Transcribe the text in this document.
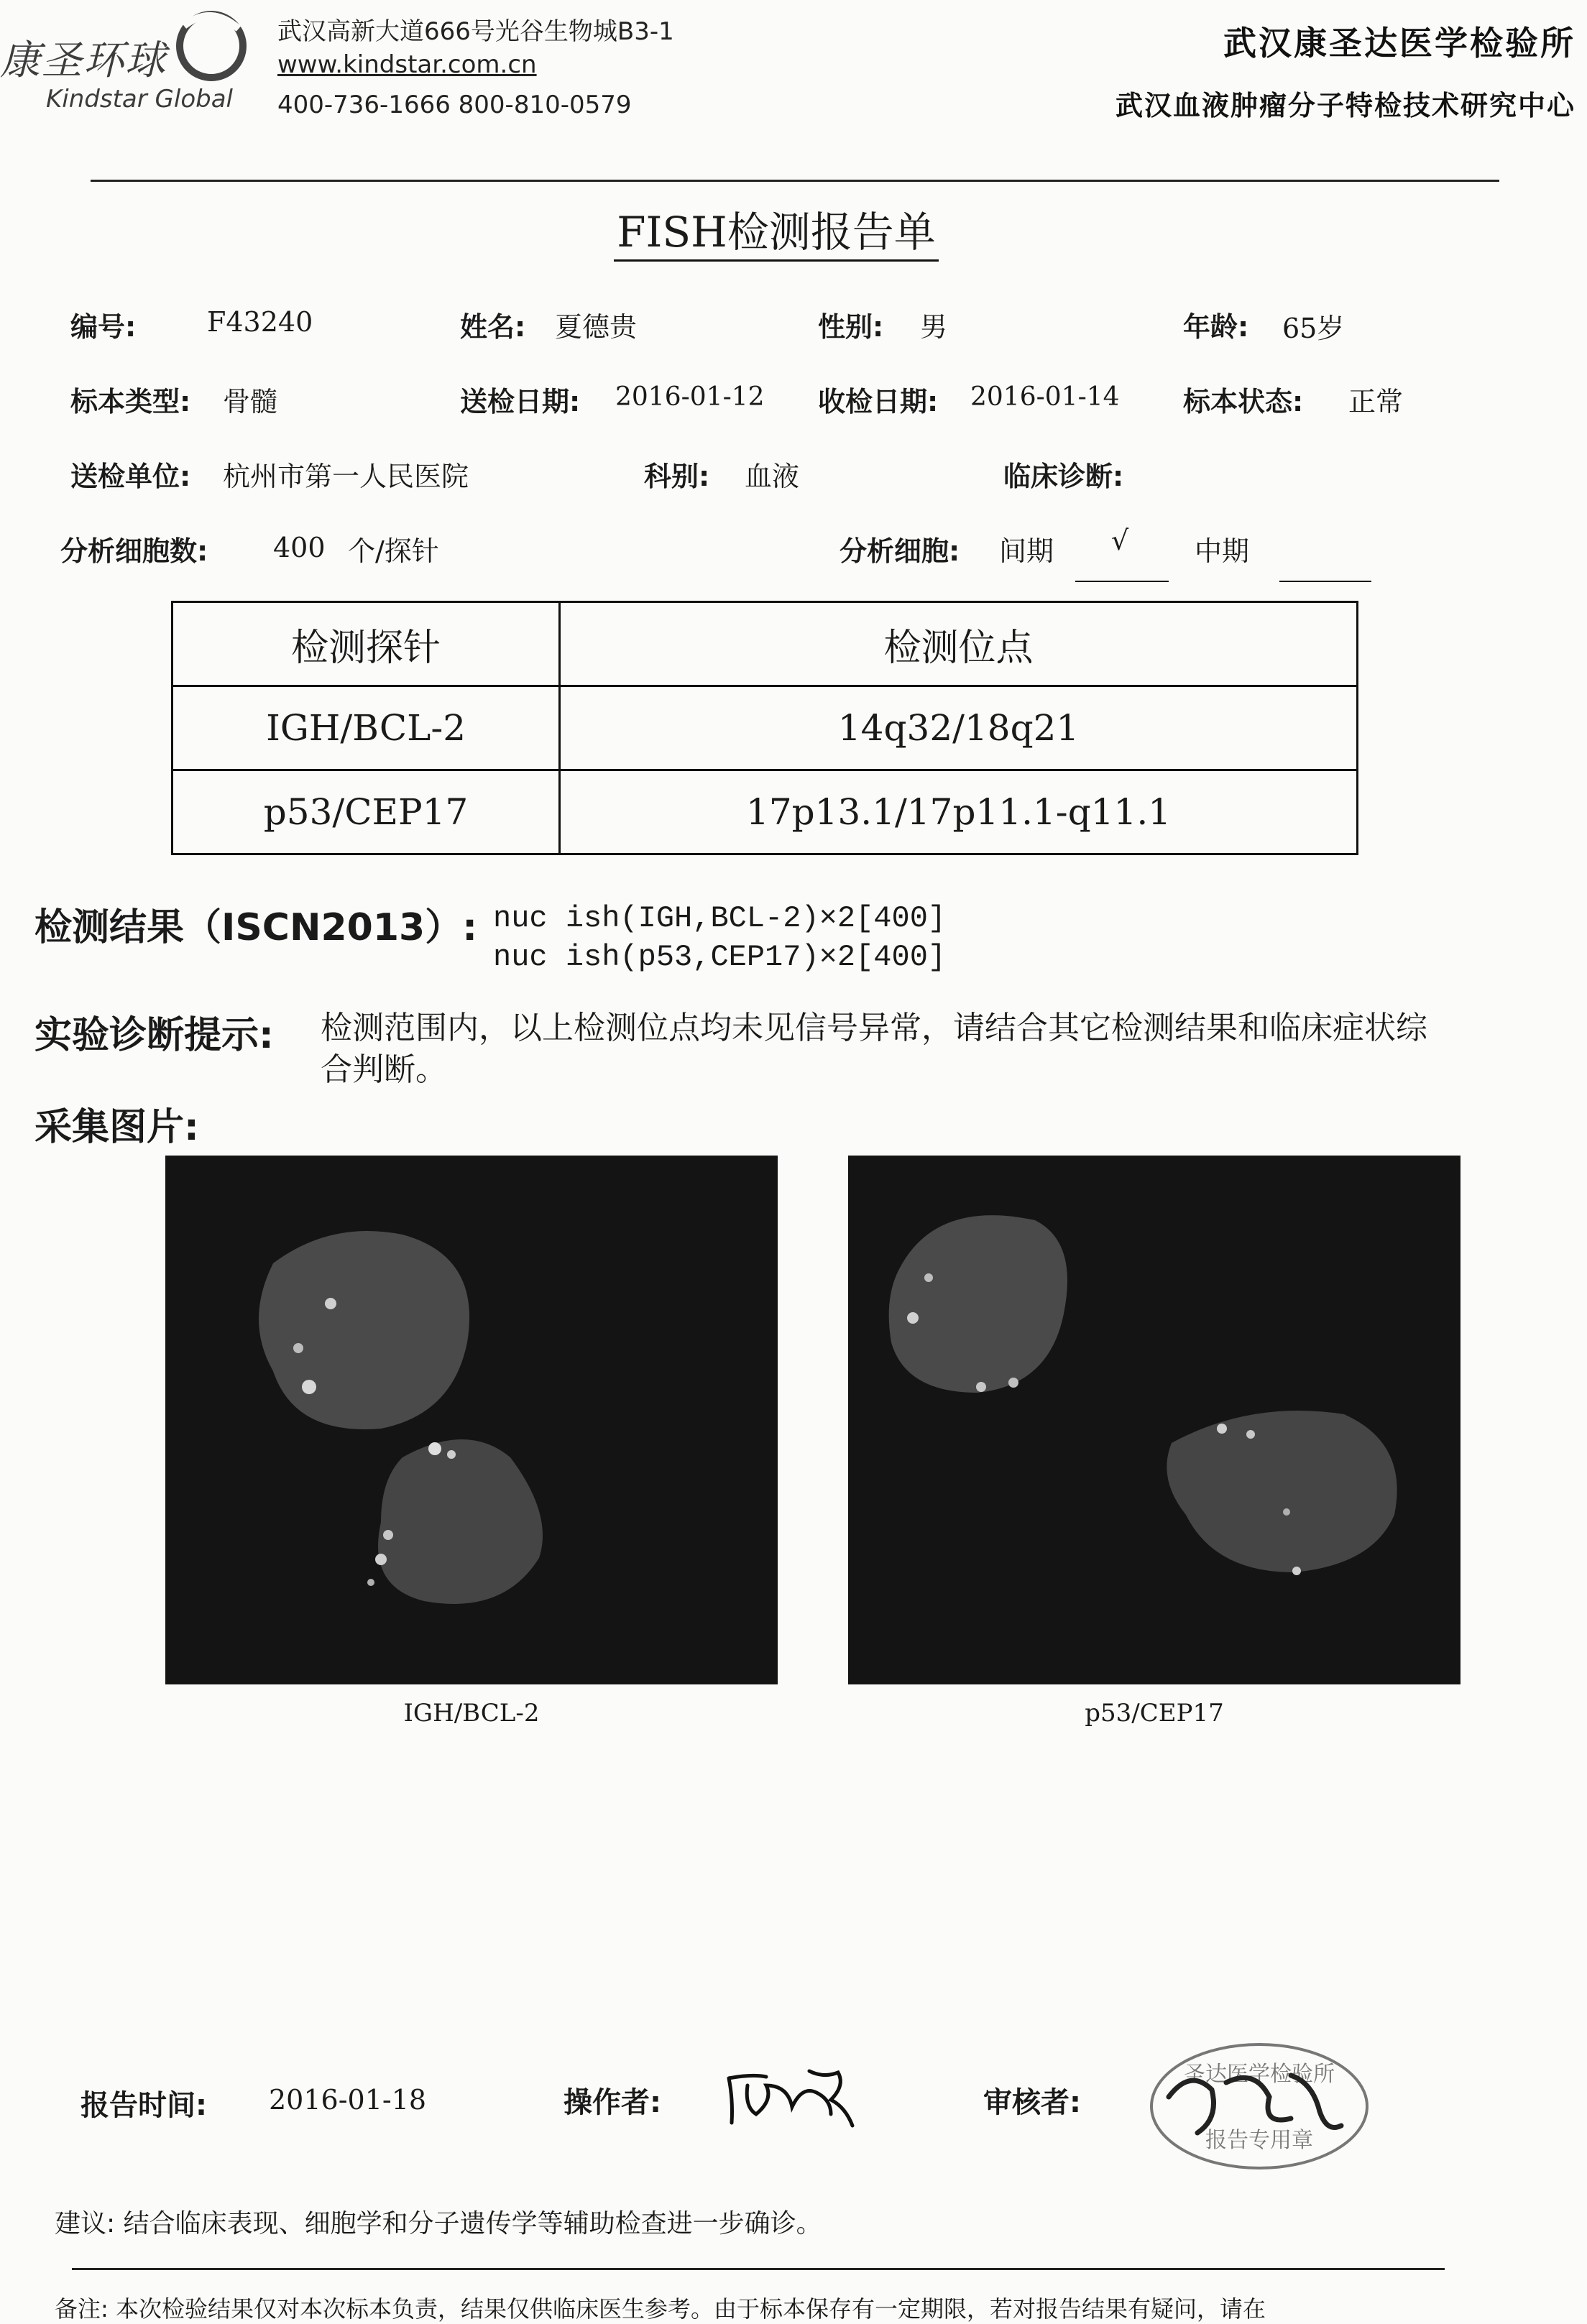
康圣环球
Kindstar Global
武汉高新大道666号光谷生物城B3-1
www.kindstar.com.cn
400-736-1666 800-810-0579
武汉康圣达医学检验所
武汉血液肿瘤分子特检技术研究中心
FISH检测报告单
编号:	F43240	姓名: 夏德贵	性别: 男	年龄: 65岁
标本类型: 骨髓	送检日期: 2016-01-12 收检日期: 2016-01-14 标本状态: 正常
送检单位: 杭州市第一人民医院	科别: 血液	临床诊断:
分析细胞数: 400 个/探针	分析细胞: 间期 √ 中期
检测探针	检测位点
IGH/BCL-2	14q32/18q21
p53/CEP17	17p13.1/17p11.1-q11.1
检测结果（ISCN2013）: nuc ish(IGH,BCL-2)×2[400]
nuc ish(p53,CEP17)×2[400]
实验诊断提示: 检测范围内，以上检测位点均未见信号异常，请结合其它检测结果和临床症状综
合判断。
采集图片:
IGH/BCL-2	p53/CEP17
报告时间: 2016-01-18	操作者:	审核者:
圣达医学检验所
报告专用章
建议: 结合临床表现、细胞学和分子遗传学等辅助检查进一步确诊。
备注: 本次检验结果仅对本次标本负责，结果仅供临床医生参考。由于标本保存有一定期限，若对报告结果有疑问，请在
